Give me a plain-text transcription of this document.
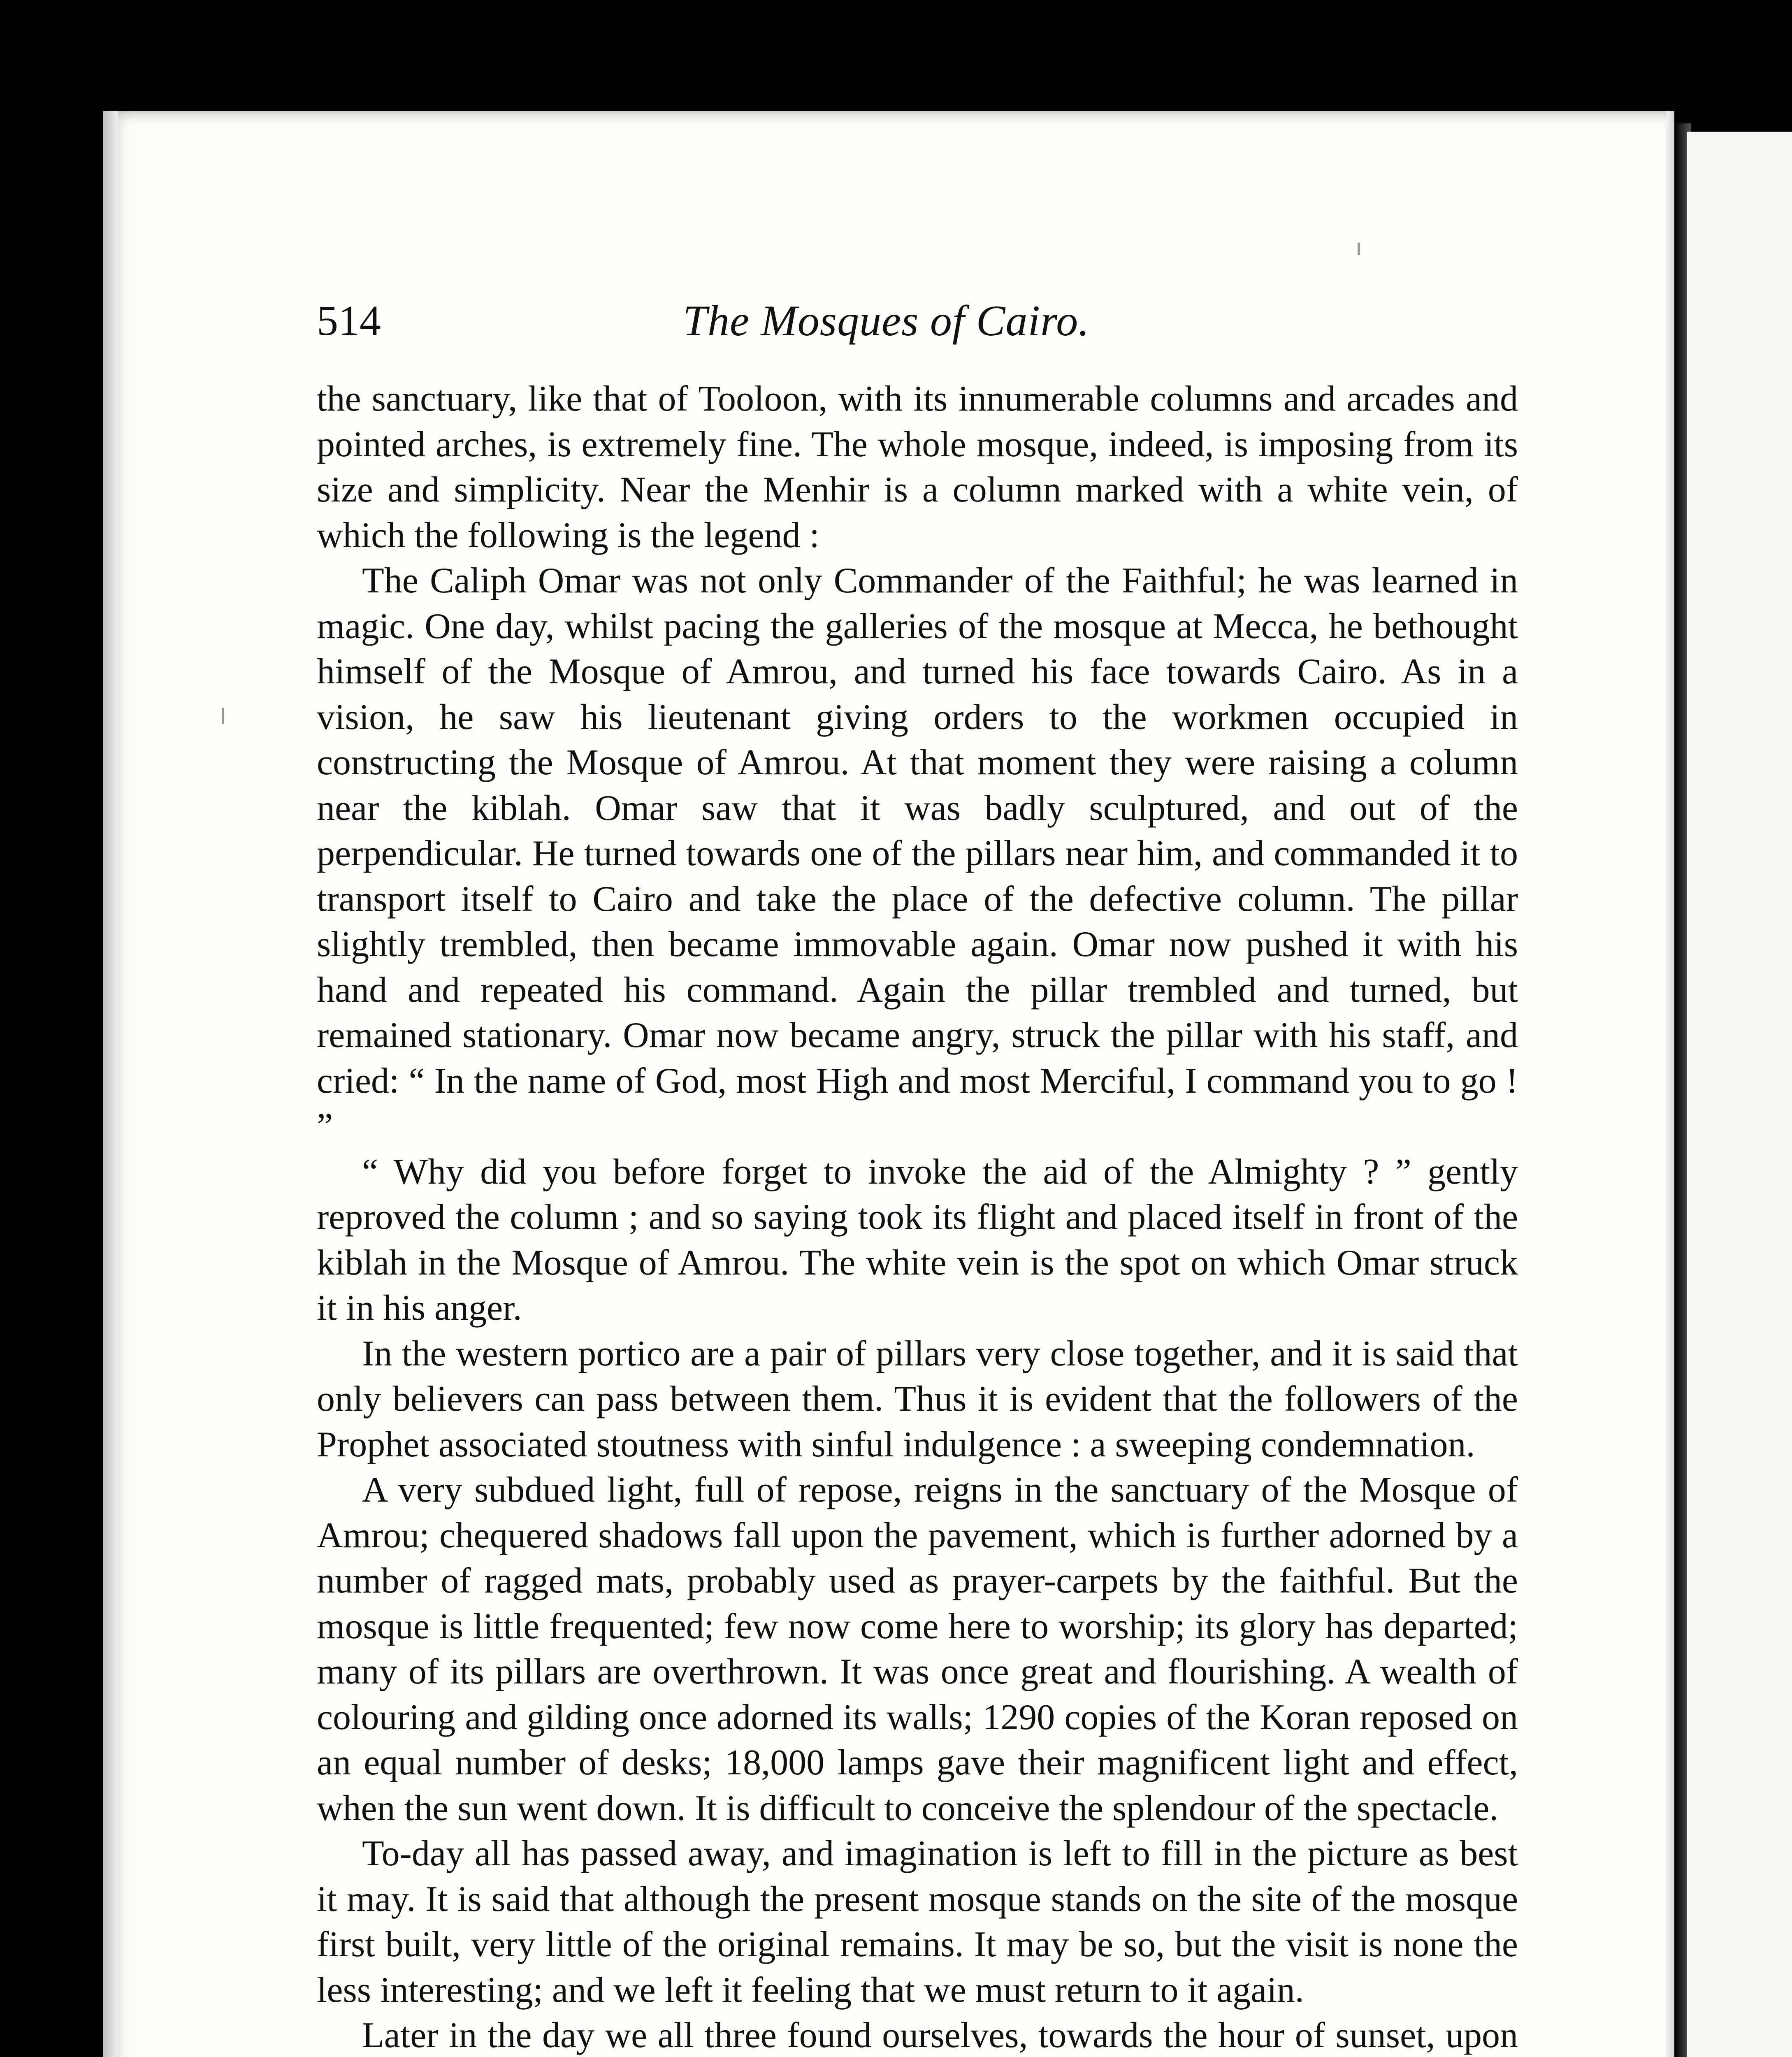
514	The Mosques of Cairo.

the sanctuary, like that of Tooloon, with its innumerable columns and arcades and pointed arches, is extremely fine. The whole mosque, indeed, is imposing from its size and simplicity. Near the Menhir is a column marked with a white vein, of which the following is the legend :

The Caliph Omar was not only Commander of the Faithful; he was learned in magic. One day, whilst pacing the galleries of the mosque at Mecca, he bethought himself of the Mosque of Amrou, and turned his face towards Cairo. As in a vision, he saw his lieutenant giving orders to the workmen occupied in constructing the Mosque of Amrou. At that moment they were raising a column near the kiblah. Omar saw that it was badly sculptured, and out of the perpendicular. He turned towards one of the pillars near him, and commanded it to transport itself to Cairo and take the place of the defective column. The pillar slightly trembled, then became immovable again. Omar now pushed it with his hand and repeated his command. Again the pillar trembled and turned, but remained stationary. Omar now became angry, struck the pillar with his staff, and cried: “ In the name of God, most High and most Merciful, I command you to go ! ”

“ Why did you before forget to invoke the aid of the Almighty ? ” gently reproved the column ; and so saying took its flight and placed itself in front of the kiblah in the Mosque of Amrou. The white vein is the spot on which Omar struck it in his anger.

In the western portico are a pair of pillars very close together, and it is said that only believers can pass between them. Thus it is evident that the followers of the Prophet associated stoutness with sinful indulgence : a sweeping condemnation.

A very subdued light, full of repose, reigns in the sanctuary of the Mosque of Amrou; chequered shadows fall upon the pavement, which is further adorned by a number of ragged mats, probably used as prayer-carpets by the faithful. But the mosque is little frequented; few now come here to worship; its glory has departed; many of its pillars are overthrown. It was once great and flourishing. A wealth of colouring and gilding once adorned its walls; 1290 copies of the Koran reposed on an equal number of desks; 18,000 lamps gave their magnificent light and effect, when the sun went down. It is difficult to conceive the splendour of the spectacle.

To-day all has passed away, and imagination is left to fill in the picture as best it may. It is said that although the present mosque stands on the site of the mosque first built, very little of the original remains. It may be so, but the visit is none the less interesting; and we left it feeling that we must return to it again.

Later in the day we all three found ourselves, towards the hour of sunset, upon
